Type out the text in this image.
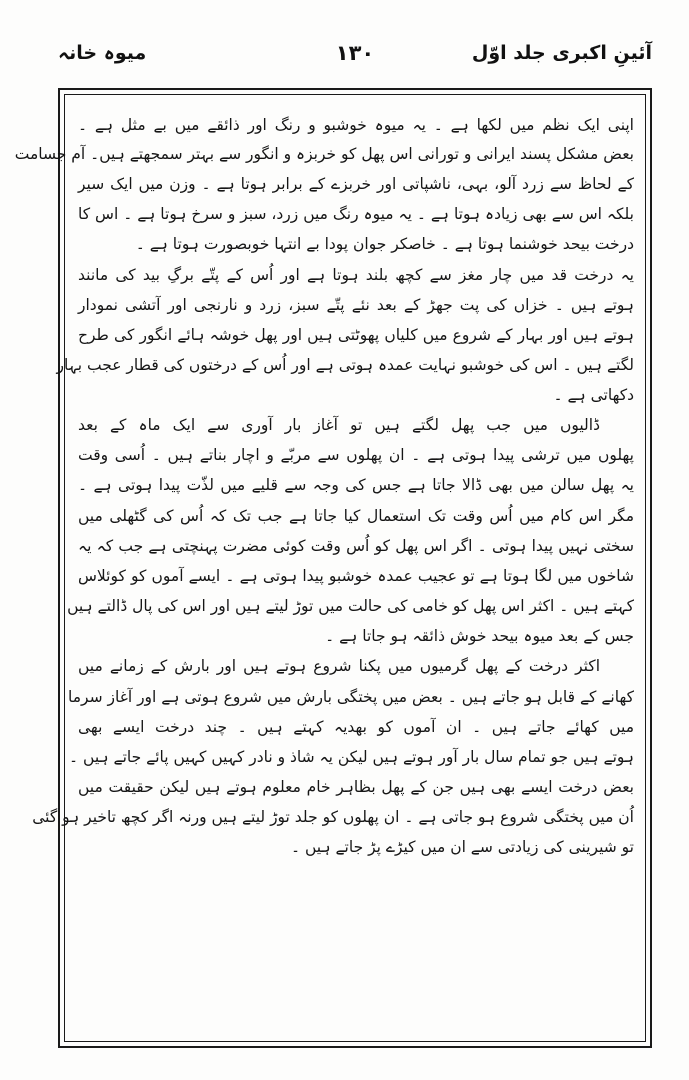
آئینِ اکبری جلد اوّل
۱۳۰
میوہ خانہ
اپنی ایک نظم میں لکھا ہے ۔ یہ میوہ خوشبو و رنگ اور ذائقے میں بے مثل ہے ۔
بعض مشکل پسند ایرانی و تورانی اس پھل کو خربزہ و انگور سے بہتر سمجھتے ہیں۔ آم جسامت
کے لحاظ سے زرد آلو، بہی، ناشپاتی اور خربزے کے برابر ہوتا ہے ۔ وزن میں ایک سیر
بلکہ اس سے بھی زیادہ ہوتا ہے ۔ یہ میوہ رنگ میں زرد، سبز و سرخ ہوتا ہے ۔ اس کا
درخت بیحد خوشنما ہوتا ہے ۔ خاصکر جوان پودا بے انتہا خوبصورت ہوتا ہے ۔
یہ درخت قد میں چار مغز سے کچھ بلند ہوتا ہے اور اُس کے پتّے برگِ بید کی مانند
ہوتے ہیں ۔ خزاں کی پت جھڑ کے بعد نئے پتّے سبز، زرد و نارنجی اور آتشی نمودار
ہوتے ہیں اور بہار کے شروع میں کلیاں پھوٹتی ہیں اور پھل خوشہ ہائے انگور کی طرح
لگتے ہیں ۔ اس کی خوشبو نہایت عمدہ ہوتی ہے اور اُس کے درختوں کی قطار عجب بہار
دکھاتی ہے ۔
ڈالیوں میں جب پھل لگتے ہیں تو آغاز بار آوری سے ایک ماہ کے بعد
پھلوں میں ترشی پیدا ہوتی ہے ۔ ان پھلوں سے مربّے و اچار بناتے ہیں ۔ اُسی وقت
یہ پھل سالن میں بھی ڈالا جاتا ہے جس کی وجہ سے قلیے میں لذّت پیدا ہوتی ہے ۔
مگر اس کام میں اُس وقت تک استعمال کیا جاتا ہے جب تک کہ اُس کی گٹھلی میں
سختی نہیں پیدا ہوتی ۔ اگر اس پھل کو اُس وقت کوئی مضرت پہنچتی ہے جب کہ یہ
شاخوں میں لگا ہوتا ہے تو عجیب عمدہ خوشبو پیدا ہوتی ہے ۔ ایسے آموں کو کوئلاس
کہتے ہیں ۔ اکثر اس پھل کو خامی کی حالت میں توڑ لیتے ہیں اور اس کی پال ڈالتے ہیں
جس کے بعد میوہ بیحد خوش ذائقہ ہو جاتا ہے ۔
اکثر درخت کے پھل گرمیوں میں پکنا شروع ہوتے ہیں اور بارش کے زمانے میں
کھانے کے قابل ہو جاتے ہیں ۔ بعض میں پختگی بارش میں شروع ہوتی ہے اور آغاز سرما
میں کھائے جاتے ہیں ۔ ان آموں کو بھدیہ کہتے ہیں ۔ چند درخت ایسے بھی
ہوتے ہیں جو تمام سال بار آور ہوتے ہیں لیکن یہ شاذ و نادر کہیں کہیں پائے جاتے ہیں ۔
بعض درخت ایسے بھی ہیں جن کے پھل بظاہر خام معلوم ہوتے ہیں لیکن حقیقت میں
اُن میں پختگی شروع ہو جاتی ہے ۔ ان پھلوں کو جلد توڑ لیتے ہیں ورنہ اگر کچھ تاخیر ہو گئی
تو شیرینی کی زیادتی سے ان میں کیڑے پڑ جاتے ہیں ۔
